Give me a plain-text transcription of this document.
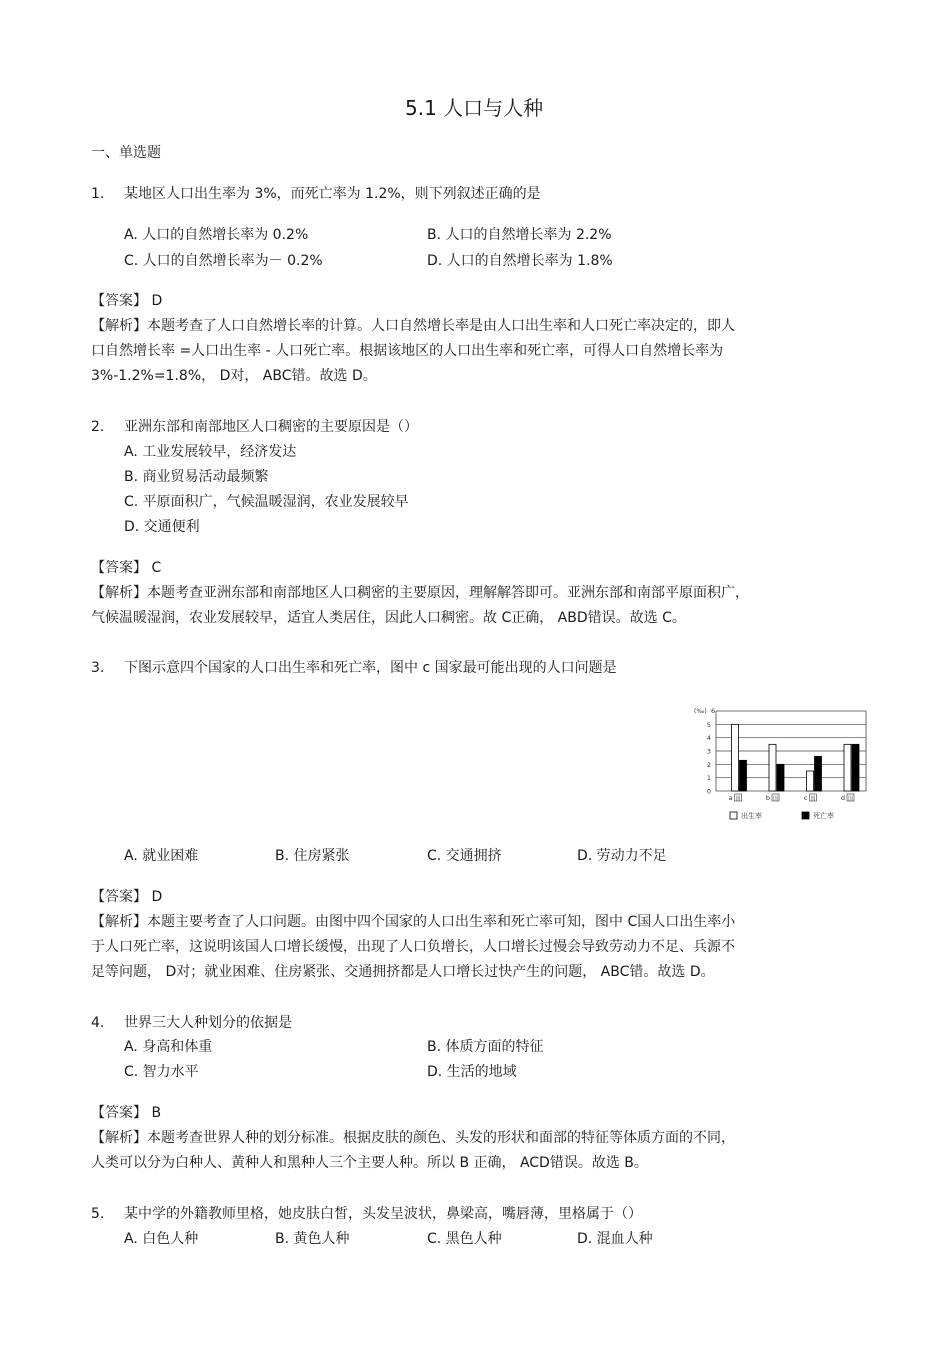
5.1 人口与人种
一、单选题
1. 某地区人口出生率为 3%，而死亡率为 1.2%，则下列叙述正确的是
A. 人口的自然增长率为 0.2%	B. 人口的自然增长率为 2.2%
C. 人口的自然增长率为－ 0.2%	D. 人口的自然增长率为 1.8%
【答案】 D
【解析】本题考查了人口自然增长率的计算。人口自然增长率是由人口出生率和人口死亡率决定的，即人
口自然增长率 =人口出生率 - 人口死亡率。根据该地区的人口出生率和死亡率，可得人口自然增长率为
3%-1.2%=1.8%， D对， ABC错。故选 D。
2. 亚洲东部和南部地区人口稠密的主要原因是（）
A. 工业发展较早，经济发达
B. 商业贸易活动最频繁
C. 平原面积广，气候温暖湿润，农业发展较早
D. 交通便利
【答案】 C
【解析】本题考查亚洲东部和南部地区人口稠密的主要原因，理解解答即可。亚洲东部和南部平原面积广，
气候温暖湿润，农业发展较早，适宜人类居住，因此人口稠密。故 C正确， ABD错误。故选 C。
3. 下图示意四个国家的人口出生率和死亡率，图中 c 国家最可能出现的人口问题是
(‰)
0
1
2
3
4
5
6
a 国	b 国	c 国	d 国
出生率	死亡率
A. 就业困难	B. 住房紧张	C. 交通拥挤	D. 劳动力不足
【答案】 D
【解析】本题主要考查了人口问题。由图中四个国家的人口出生率和死亡率可知，图中 C国人口出生率小
于人口死亡率，这说明该国人口增长缓慢，出现了人口负增长，人口增长过慢会导致劳动力不足、兵源不
足等问题， D对；就业困难、住房紧张、交通拥挤都是人口增长过快产生的问题， ABC错。故选 D。
4. 世界三大人种划分的依据是
A. 身高和体重	B. 体质方面的特征
C. 智力水平	D. 生活的地域
【答案】 B
【解析】本题考查世界人种的划分标准。根据皮肤的颜色、头发的形状和面部的特征等体质方面的不同，
人类可以分为白种人、黄种人和黑种人三个主要人种。所以 B 正确， ACD错误。故选 B。
5. 某中学的外籍教师里格，她皮肤白皙，头发呈波状，鼻梁高，嘴唇薄，里格属于（）
A. 白色人种	B. 黄色人种	C. 黑色人种	D. 混血人种
